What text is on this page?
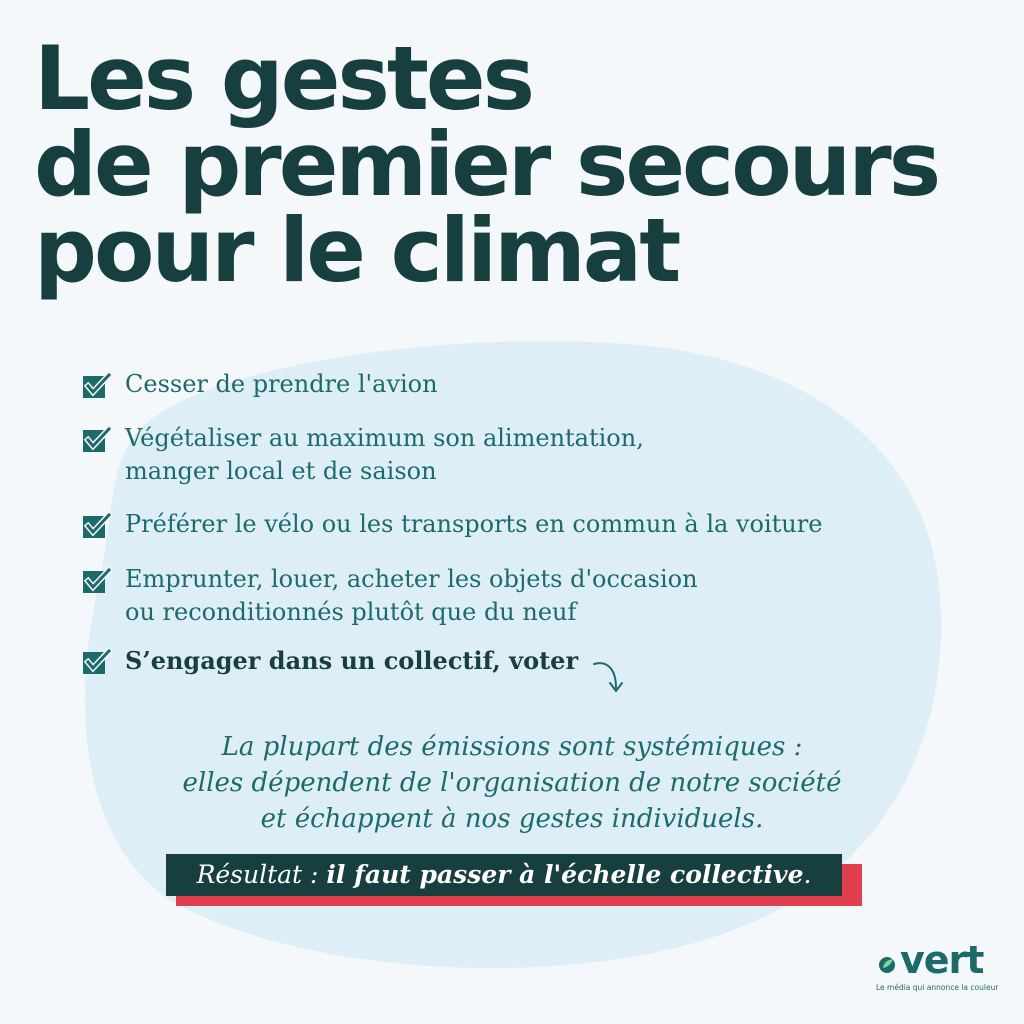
Les gestes
de premier secours
pour le climat
Cesser de prendre l'avion
Végétaliser au maximum son alimentation,
manger local et de saison
Préférer le vélo ou les transports en commun à la voiture
Emprunter, louer, acheter les objets d'occasion
ou reconditionnés plutôt que du neuf
S’engager dans un collectif, voter

La plupart des émissions sont systémiques :
elles dépendent de l'organisation de notre société
et échappent à nos gestes individuels.

Résultat : il faut passer à l'échelle collective.
vert
Le média qui annonce la couleur
